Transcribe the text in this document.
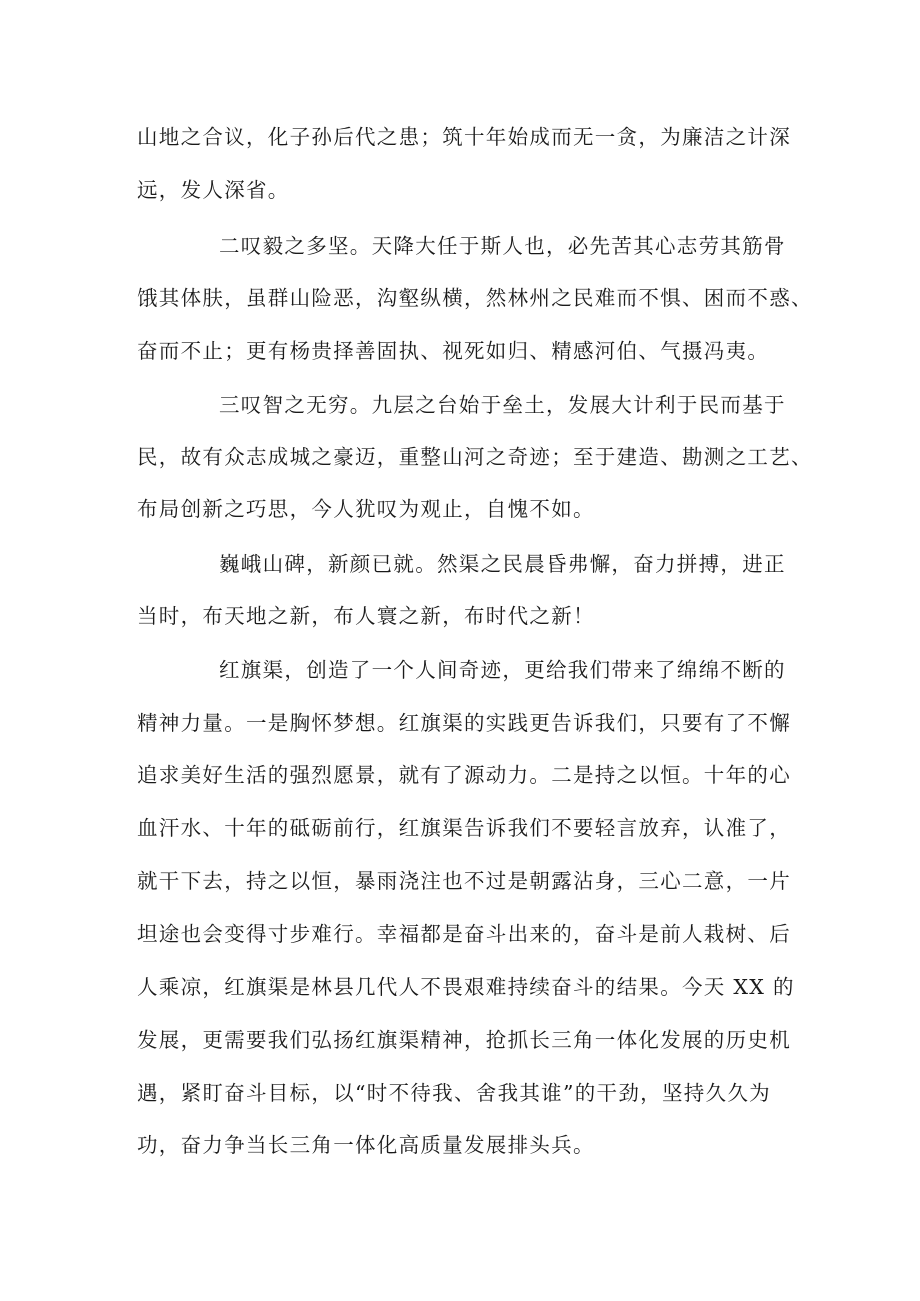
山地之合议，化子孙后代之患；筑十年始成而无一贪，为廉洁之计深
远，发人深省。
二叹毅之多坚。天降大任于斯人也，必先苦其心志劳其筋骨
饿其体肤，虽群山险恶，沟壑纵横，然林州之民难而不惧、困而不惑、
奋而不止；更有杨贵择善固执、视死如归、精感河伯、气摄冯夷。
三叹智之无穷。九层之台始于垒土，发展大计利于民而基于
民，故有众志成城之豪迈，重整山河之奇迹；至于建造、勘测之工艺、
布局创新之巧思，今人犹叹为观止，自愧不如。
巍峨山碑，新颜已就。然渠之民晨昏弗懈，奋力拼搏，进正
当时，布天地之新，布人寰之新，布时代之新！
红旗渠，创造了一个人间奇迹，更给我们带来了绵绵不断的
精神力量。一是胸怀梦想。红旗渠的实践更告诉我们，只要有了不懈
追求美好生活的强烈愿景，就有了源动力。二是持之以恒。十年的心
血汗水、十年的砥砺前行，红旗渠告诉我们不要轻言放弃，认准了，
就干下去，持之以恒，暴雨浇注也不过是朝露沾身，三心二意，一片
坦途也会变得寸步难行。幸福都是奋斗出来的，奋斗是前人栽树、后
人乘凉，红旗渠是林县几代人不畏艰难持续奋斗的结果。今天 XX 的
发展，更需要我们弘扬红旗渠精神，抢抓长三角一体化发展的历史机
遇，紧盯奋斗目标，以“时不待我、舍我其谁”的干劲，坚持久久为
功，奋力争当长三角一体化高质量发展排头兵。
